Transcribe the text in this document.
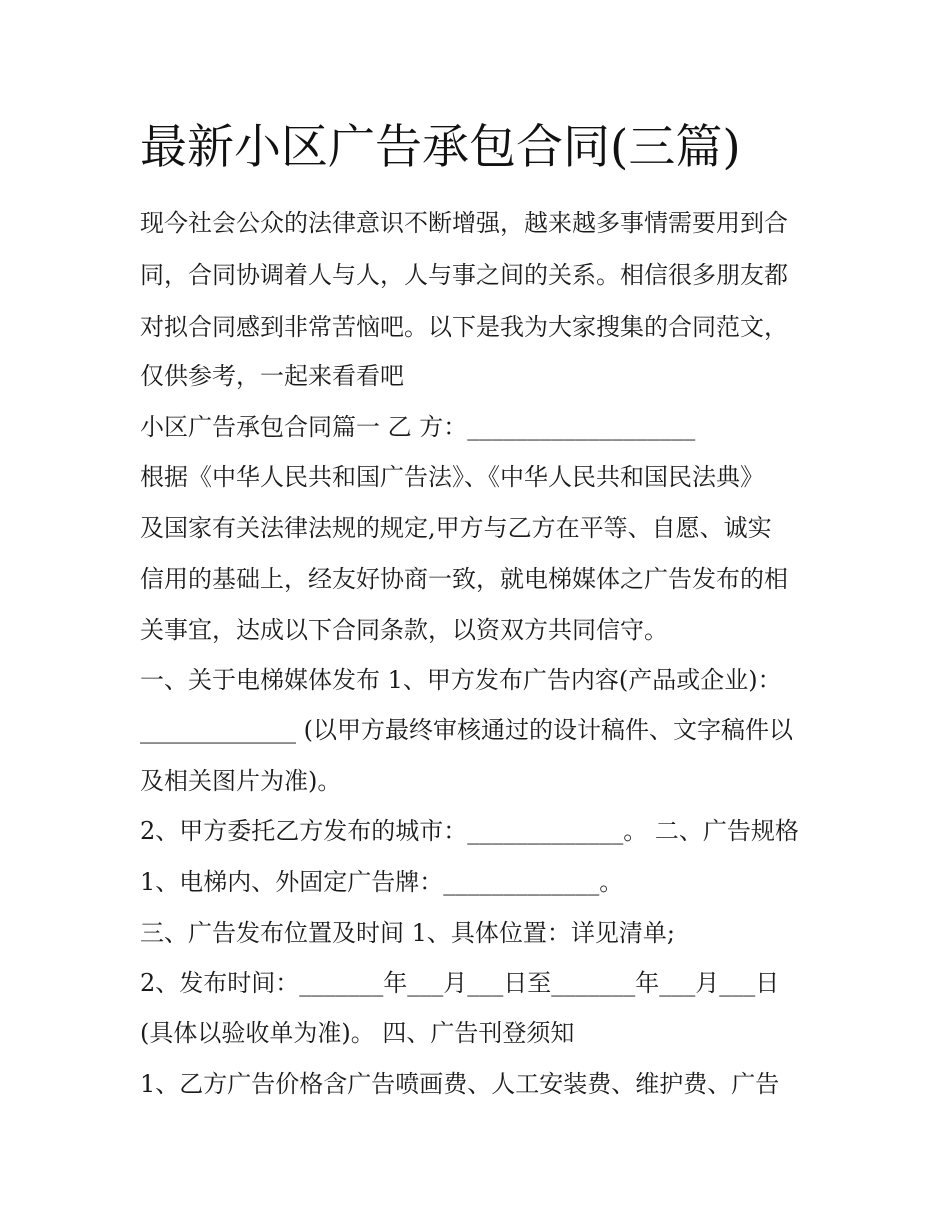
最新小区广告承包合同(三篇)
现今社会公众的法律意识不断增强，越来越多事情需要用到合
同，合同协调着人与人，人与事之间的关系。相信很多朋友都
对拟合同感到非常苦恼吧。以下是我为大家搜集的合同范文，
仅供参考，一起来看看吧
小区广告承包合同篇一 乙 方：___________________
根据《中华人民共和国广告法》、《中华人民共和国民法典》
及国家有关法律法规的规定,甲方与乙方在平等、自愿、诚实
信用的基础上，经友好协商一致，就电梯媒体之广告发布的相
关事宜，达成以下合同条款，以资双方共同信守。
一、关于电梯媒体发布 1、甲方发布广告内容(产品或企业)：
_____________ (以甲方最终审核通过的设计稿件、文字稿件以
及相关图片为准)。
2、甲方委托乙方发布的城市：_____________。 二、广告规格
1、电梯内、外固定广告牌：_____________。
三、广告发布位置及时间 1、具体位置：详见清单;
2、发布时间：_______年___月___日至_______年___月___日
(具体以验收单为准)。 四、广告刊登须知
1、乙方广告价格含广告喷画费、人工安装费、维护费、广告
